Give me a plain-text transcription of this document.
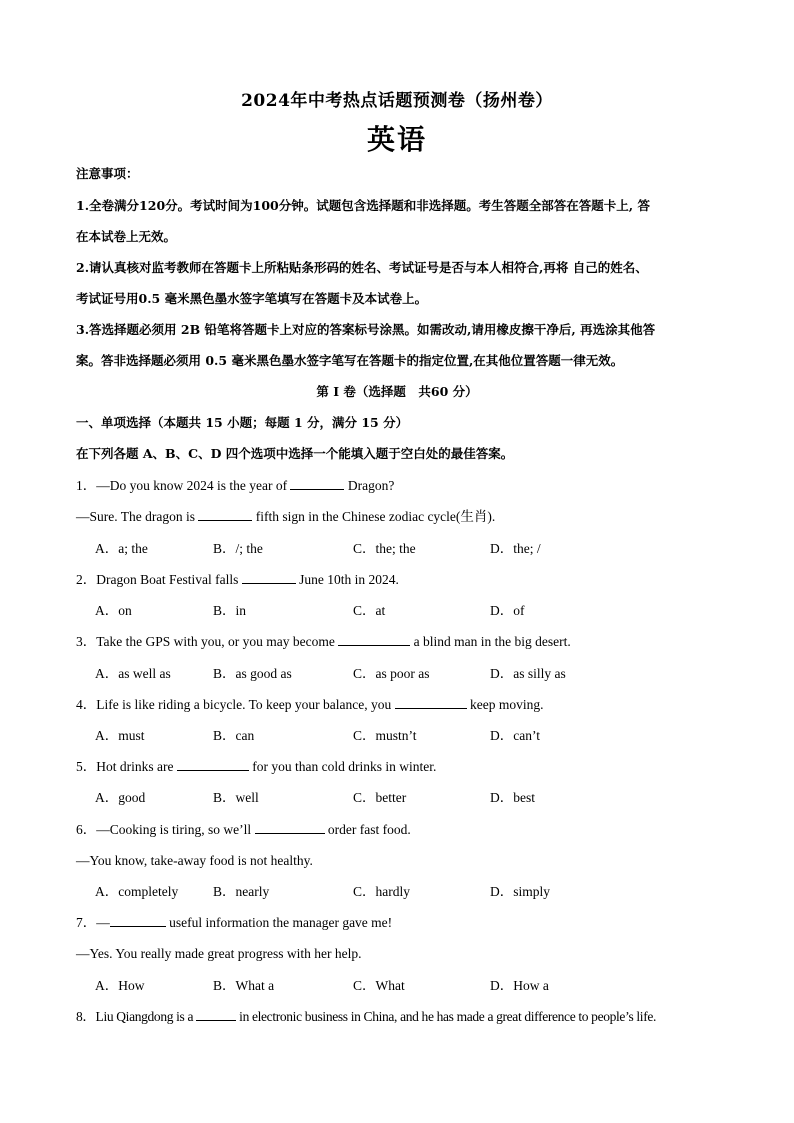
2024年中考热点话题预测卷（扬州卷）
英语
注意事项：
1.全卷满分120分。考试时间为100分钟。试题包含选择题和非选择题。考生答题全部答在答题卡上, 答
在本试卷上无效。
2.请认真核对监考教师在答题卡上所粘贴条形码的姓名、考试证号是否与本人相符合,再将 自己的姓名、
考试证号用0.5 毫米黑色墨水签字笔填写在答题卡及本试卷上。
3.答选择题必须用 2B 铅笔将答题卡上对应的答案标号涂黑。如需改动,请用橡皮擦干净后, 再选涂其他答
案。答非选择题必须用 0.5 毫米黑色墨水签字笔写在答题卡的指定位置,在其他位置答题一律无效。
第 I 卷（选择题　共60 分）
一、单项选择（本题共 15 小题；每题 1 分，满分 15 分）
在下列各题 A、B、C、D 四个选项中选择一个能填入题于空白处的最佳答案。
1．—Do you know 2024 is the year of	Dragon?
—Sure. The dragon is	fifth sign in the Chinese zodiac cycle(生肖).
A．a; the	B．/; the	C．the; the	D．the; /
2．Dragon Boat Festival falls	June 10th in 2024.
A．on	B．in	C．at	D．of
3．Take the GPS with you, or you may become	a blind man in the big desert.
A．as well as	B．as good as	C．as poor as	D．as silly as
4．Life is like riding a bicycle. To keep your balance, you	keep moving.
A．must	B．can	C．mustn’t	D．can’t
5．Hot drinks are	for you than cold drinks in winter.
A．good	B．well	C．better	D．best
6．—Cooking is tiring, so we’ll	order fast food.
—You know, take-away food is not healthy.
A．completely	B．nearly	C．hardly	D．simply
7．—	useful information the manager gave me!
—Yes. You really made great progress with her help.
A．How	B．What a	C．What	D．How a
8．Liu Qiangdong is a	in electronic business in China, and he has made a great difference to people’s life.
